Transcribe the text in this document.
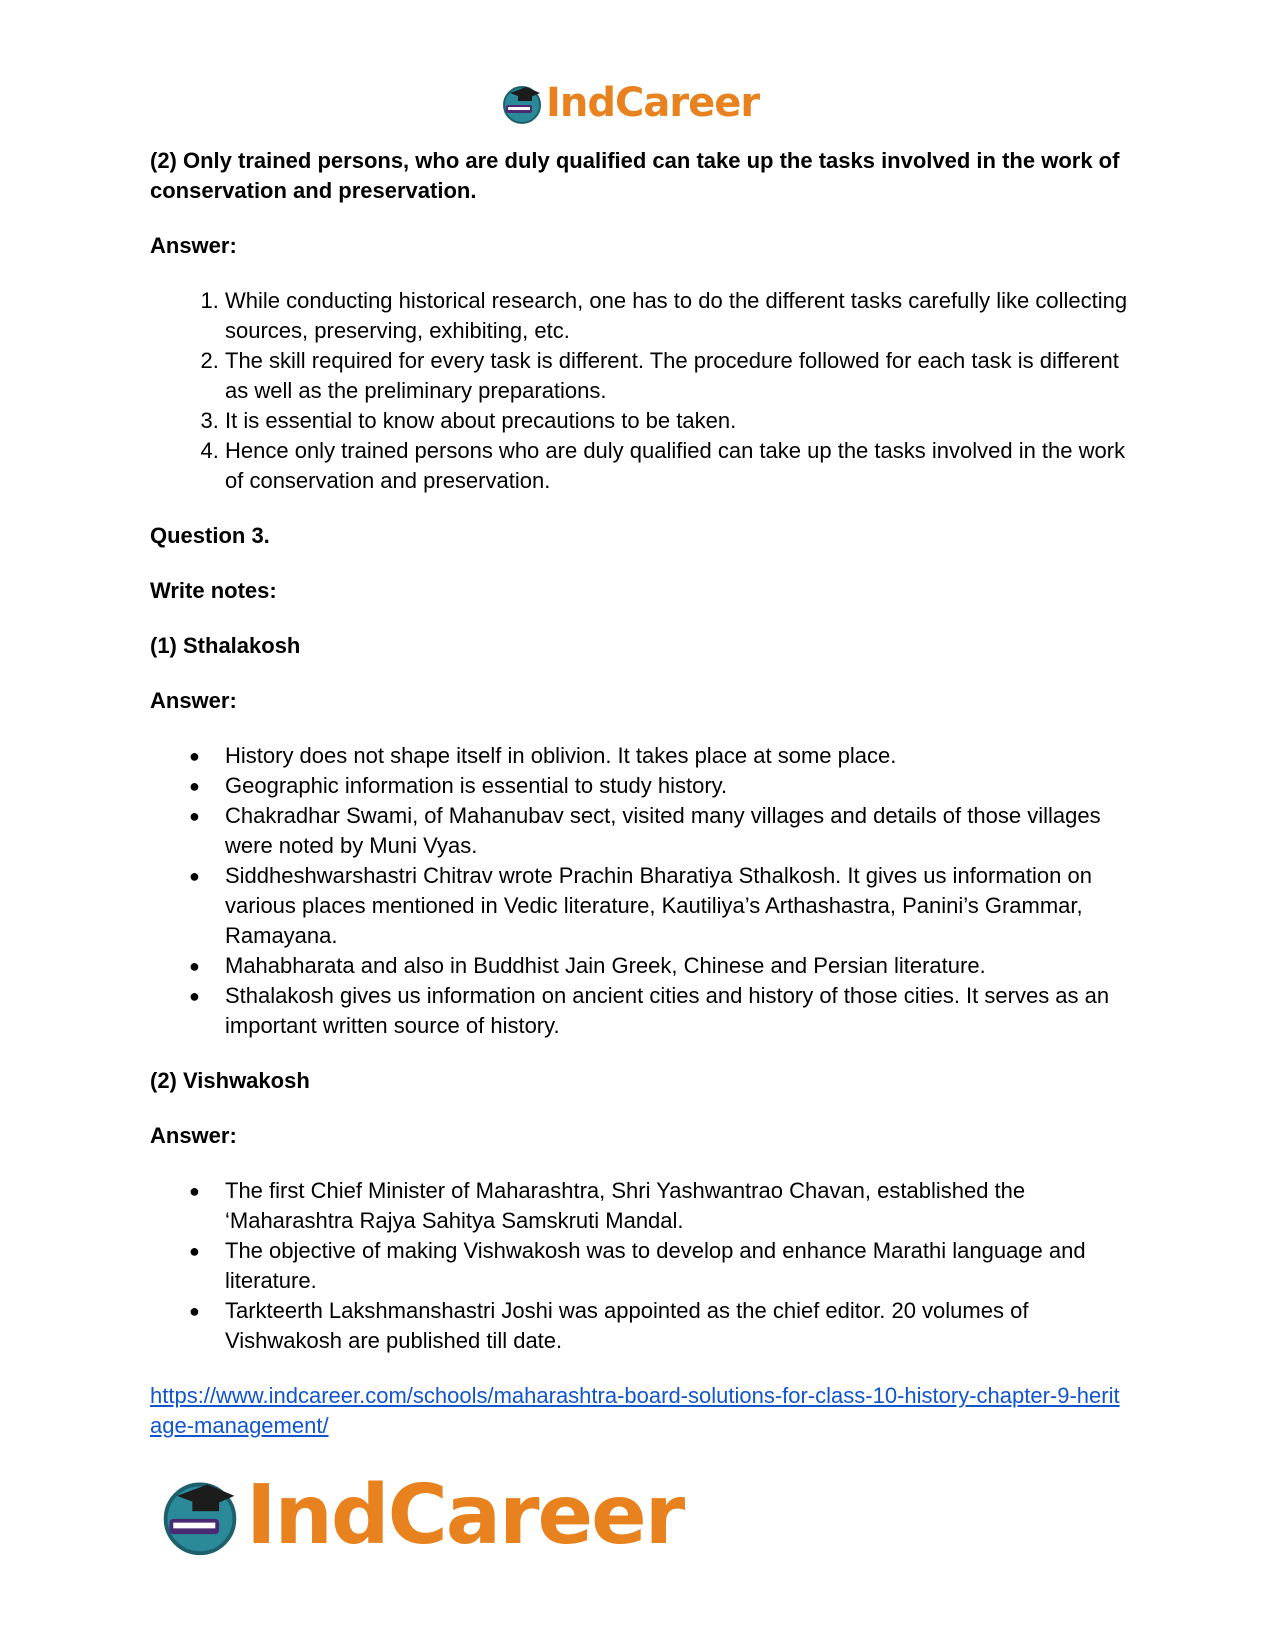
IndCareer

(2) Only trained persons, who are duly qualified can take up the tasks involved in the work of conservation and preservation.

Answer:

1. While conducting historical research, one has to do the different tasks carefully like collecting sources, preserving, exhibiting, etc.
2. The skill required for every task is different. The procedure followed for each task is different as well as the preliminary preparations.
3. It is essential to know about precautions to be taken.
4. Hence only trained persons who are duly qualified can take up the tasks involved in the work of conservation and preservation.

Question 3.

Write notes:

(1) Sthalakosh

Answer:

● History does not shape itself in oblivion. It takes place at some place.
● Geographic information is essential to study history.
● Chakradhar Swami, of Mahanubav sect, visited many villages and details of those villages were noted by Muni Vyas.
● Siddheshwarshastri Chitrav wrote Prachin Bharatiya Sthalkosh. It gives us information on various places mentioned in Vedic literature, Kautiliya’s Arthashastra, Panini’s Grammar, Ramayana.
● Mahabharata and also in Buddhist Jain Greek, Chinese and Persian literature.
● Sthalakosh gives us information on ancient cities and history of those cities. It serves as an important written source of history.

(2) Vishwakosh

Answer:

● The first Chief Minister of Maharashtra, Shri Yashwantrao Chavan, established the ‘Maharashtra Rajya Sahitya Samskruti Mandal.
● The objective of making Vishwakosh was to develop and enhance Marathi language and literature.
● Tarkteerth Lakshmanshastri Joshi was appointed as the chief editor. 20 volumes of Vishwakosh are published till date.

https://www.indcareer.com/schools/maharashtra-board-solutions-for-class-10-history-chapter-9-heritage-management/

IndCareer
